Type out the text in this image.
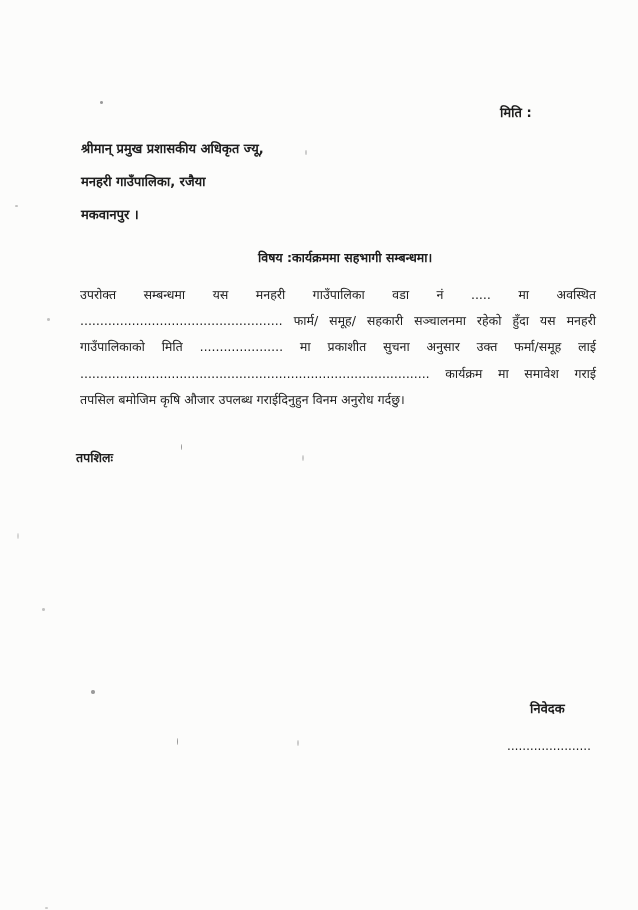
मिति :
श्रीमान् प्रमुख प्रशासकीय अधिकृत ज्यू,
मनहरी गाउँपालिका, रजैया
मकवानपुर ।
विषय :कार्यक्रममा सहभागी सम्बन्धमा।
उपरोक्त सम्बन्धमा यस मनहरी गाउँपालिका वडा नं ..... मा अवस्थित
................................................... फार्म/ समूह/ सहकारी सञ्चालनमा रहेको हुँदा यस मनहरी
गाउँपालिकाको मिति ..................... मा प्रकाशीत सुचना अनुसार उक्त फर्मा/समूह लाई
........................................................................................ कार्यक्रम मा समावेश गराई
तपसिल बमोजिम कृषि औजार उपलब्ध गराईदिनुहुन विनम अनुरोध गर्दछु।
तपशिलः
निवेदक
......................
